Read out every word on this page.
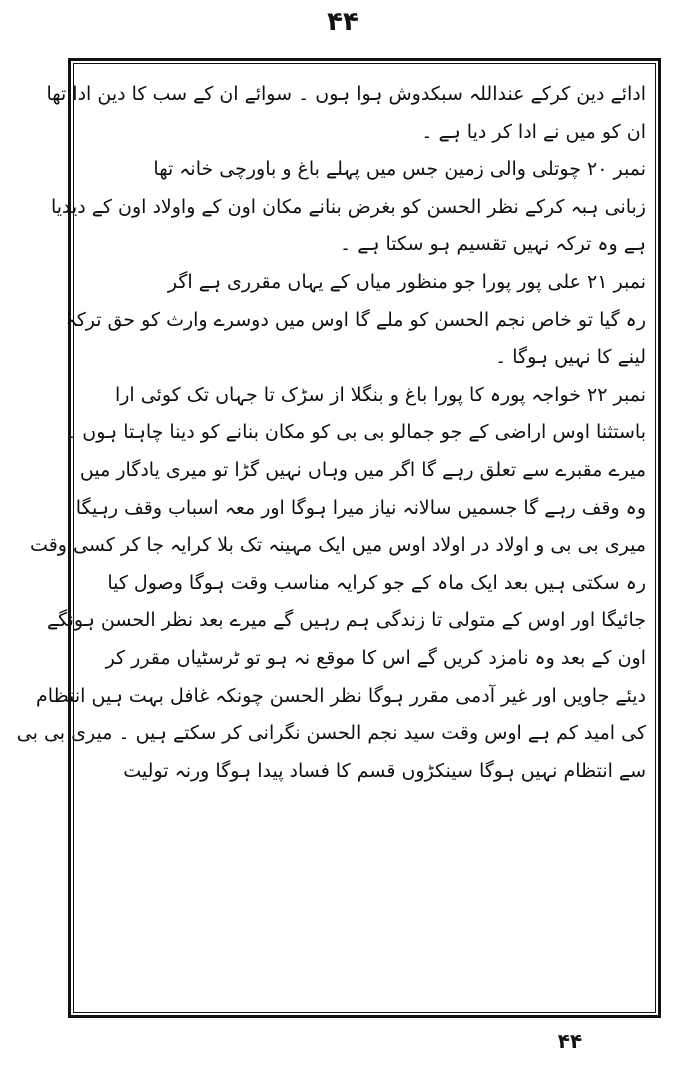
۴۴
ادائے دین کرکے عنداللہ سبکدوش ہوا ہوں ۔ سوائے ان کے سب کا دین ادا تھا
ان کو میں نے ادا کر دیا ہے ۔
نمبر ۲۰ چوتلی والی زمین جس میں پہلے باغ و باورچی خانہ تھا
زبانی ہبہ کرکے نظر الحسن کو بغرض بنانے مکان اون کے واولاد اون کے دیدیا
ہے وہ ترکہ نہیں تقسیم ہو سکتا ہے ۔
نمبر ۲۱ علی پور پورا جو منظور میاں کے یہاں مقرری ہے اگر
رہ گیا تو خاص نجم الحسن کو ملے گا اوس میں دوسرے وارث کو حق ترکہ
لینے کا نہیں ہوگا ۔
نمبر ۲۲ خواجہ پورہ کا پورا باغ و بنگلا از سڑک تا جہاں تک کوئی ارا
باستثنا اوس اراضی کے جو جمالو بی بی کو مکان بنانے کو دینا چاہتا ہوں ۔
میرے مقبرے سے تعلق رہے گا اگر میں وہاں نہیں گڑا تو میری یادگار میں
وہ وقف رہے گا جسمیں سالانہ نیاز میرا ہوگا اور معہ اسباب وقف رہیگا
میری بی بی و اولاد در اولاد اوس میں ایک مہینہ تک بلا کرایہ جا کر کسی وقت
رہ سکتی ہیں بعد ایک ماہ کے جو کرایہ مناسب وقت ہوگا وصول کیا
جائیگا اور اوس کے متولی تا زندگی ہم رہیں گے میرے بعد نظر الحسن ہونگے
اون کے بعد وہ نامزد کریں گے اس کا موقع نہ ہو تو ٹرسٹیاں مقرر کر
دیئے جاویں اور غیر آدمی مقرر ہوگا نظر الحسن چونکہ غافل بہت ہیں انتظام
کی امید کم ہے اوس وقت سید نجم الحسن نگرانی کر سکتے ہیں ۔ میری بی بی
سے انتظام نہیں ہوگا سینکڑوں قسم کا فساد پیدا ہوگا ورنہ تولیت
۴۴
